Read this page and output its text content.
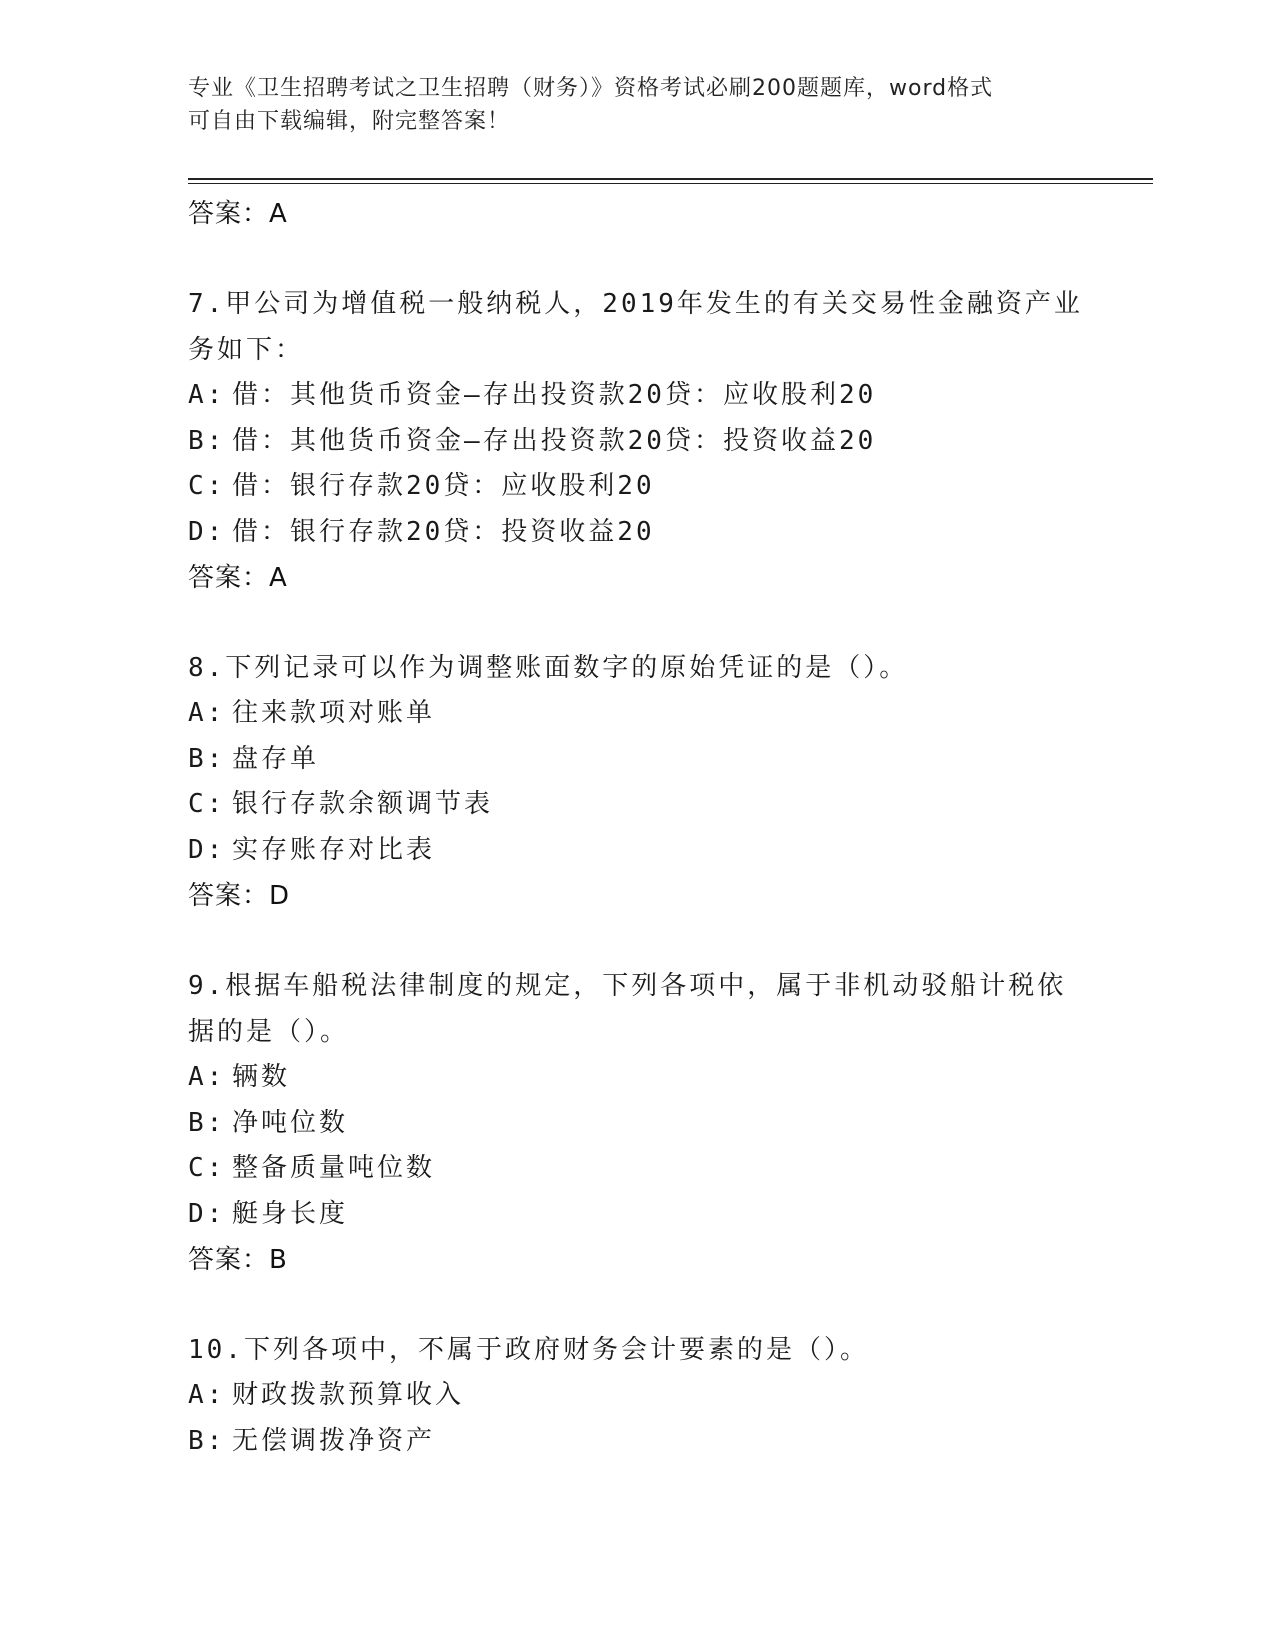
专业《卫生招聘考试之卫生招聘（财务）》资格考试必刷200题题库，word格式
可自由下载编辑，附完整答案！
答案：A

7.甲公司为增值税一般纳税人，2019年发生的有关交易性金融资产业务如下：

A: 借：其他货币资金—存出投资款20贷：应收股利20

B: 借：其他货币资金—存出投资款20贷：投资收益20

C: 借：银行存款20贷：应收股利20

D: 借：银行存款20贷：投资收益20

答案：A

8.下列记录可以作为调整账面数字的原始凭证的是（）。

A: 往来款项对账单

B: 盘存单

C: 银行存款余额调节表

D: 实存账存对比表

答案：D

9.根据车船税法律制度的规定，下列各项中，属于非机动驳船计税依据的是（）。

A: 辆数

B: 净吨位数

C: 整备质量吨位数

D: 艇身长度

答案：B

10.下列各项中，不属于政府财务会计要素的是（）。

A: 财政拨款预算收入

B: 无偿调拨净资产
